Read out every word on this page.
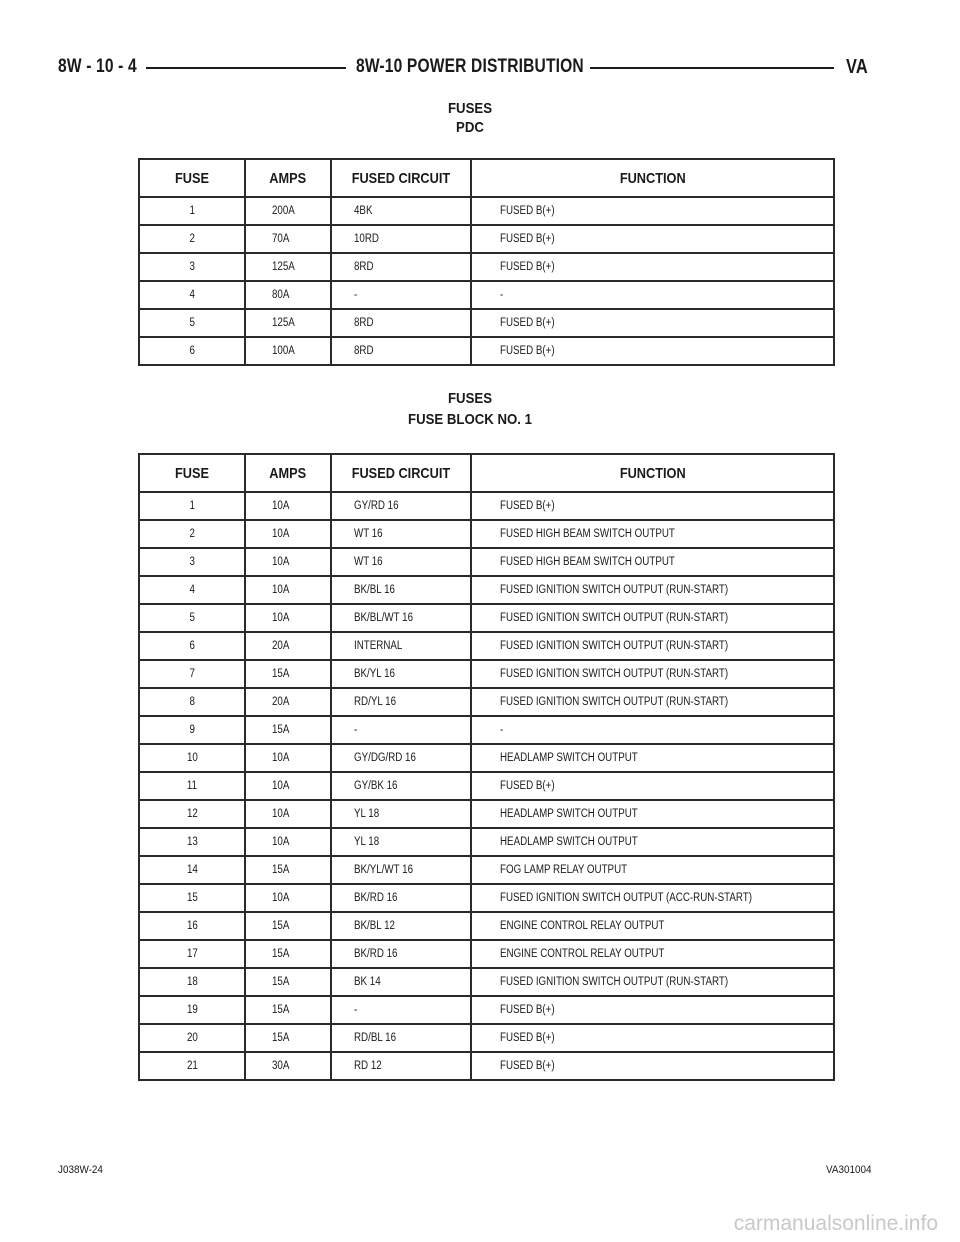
8W - 10 - 4	8W-10 POWER DISTRIBUTION	VA
FUSES
PDC
FUSE	AMPS	FUSED CIRCUIT	FUNCTION
1	200A	4BK	FUSED B(+)
2	70A	10RD	FUSED B(+)
3	125A	8RD	FUSED B(+)
4	80A	-	-
5	125A	8RD	FUSED B(+)
6	100A	8RD	FUSED B(+)
FUSES
FUSE BLOCK NO. 1
FUSE	AMPS	FUSED CIRCUIT	FUNCTION
1	10A	GY/RD 16	FUSED B(+)
2	10A	WT 16	FUSED HIGH BEAM SWITCH OUTPUT
3	10A	WT 16	FUSED HIGH BEAM SWITCH OUTPUT
4	10A	BK/BL 16	FUSED IGNITION SWITCH OUTPUT (RUN-START)
5	10A	BK/BL/WT 16	FUSED IGNITION SWITCH OUTPUT (RUN-START)
6	20A	INTERNAL	FUSED IGNITION SWITCH OUTPUT (RUN-START)
7	15A	BK/YL 16	FUSED IGNITION SWITCH OUTPUT (RUN-START)
8	20A	RD/YL 16	FUSED IGNITION SWITCH OUTPUT (RUN-START)
9	15A	-	-
10	10A	GY/DG/RD 16	HEADLAMP SWITCH OUTPUT
11	10A	GY/BK 16	FUSED B(+)
12	10A	YL 18	HEADLAMP SWITCH OUTPUT
13	10A	YL 18	HEADLAMP SWITCH OUTPUT
14	15A	BK/YL/WT 16	FOG LAMP RELAY OUTPUT
15	10A	BK/RD 16	FUSED IGNITION SWITCH OUTPUT (ACC-RUN-START)
16	15A	BK/BL 12	ENGINE CONTROL RELAY OUTPUT
17	15A	BK/RD 16	ENGINE CONTROL RELAY OUTPUT
18	15A	BK 14	FUSED IGNITION SWITCH OUTPUT (RUN-START)
19	15A	-	FUSED B(+)
20	15A	RD/BL 16	FUSED B(+)
21	30A	RD 12	FUSED B(+)
J038W-24	VA301004
carmanualsonline.info
